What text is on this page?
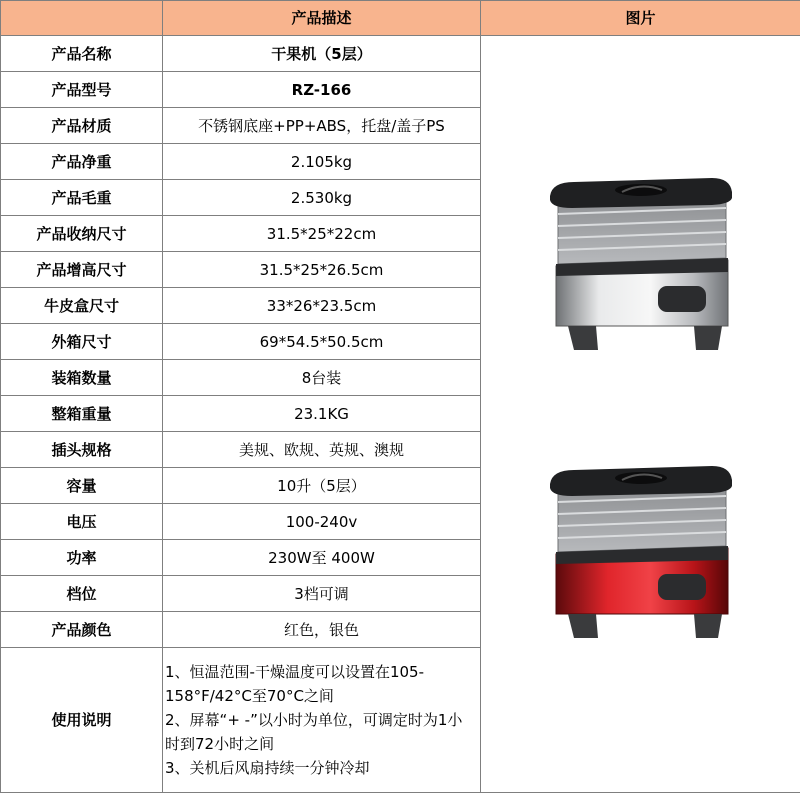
	产品描述	图片
产品名称	干果机（5层）	

产品型号	RZ-166	
产品材质	不锈钢底座+PP+ABS，托盘/盖子PS	
产品净重	2.105kg	
产品毛重	2.530kg	
产品收纳尺寸	31.5*25*22cm	
产品增高尺寸	31.5*25*26.5cm	
牛皮盒尺寸	33*26*23.5cm	
外箱尺寸	69*54.5*50.5cm	
装箱数量	8台装	
整箱重量	23.1KG	
插头规格	美规、欧规、英规、澳规	
容量	10升（5层）	
电压	100-240v	
功率	230W至 400W	
档位	3档可调	
产品颜色	红色，银色	
使用说明	1、恒温范围-干燥温度可以设置在105-
158°F/42°C至70°C之间
2、屏幕“+ -”以小时为单位，可调定时为1小
时到72小时之间
3、关机后风扇持续一分钟冷却	
